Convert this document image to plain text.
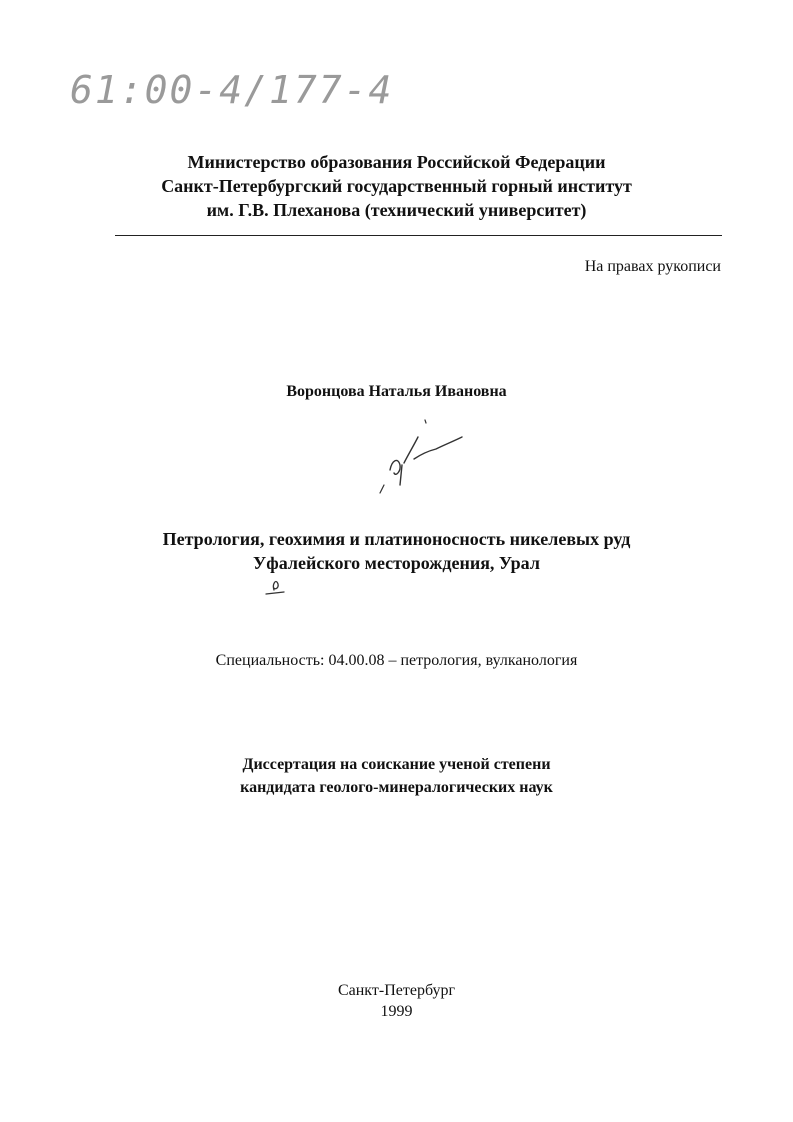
61:00-4/177-4
Министерство образования Российской Федерации
Санкт-Петербургский государственный горный институт
им. Г.В. Плеханова (технический университет)
На правах рукописи
Воронцова Наталья Ивановна
Петрология, геохимия и платиноносность никелевых руд
Уфалейского месторождения, Урал
Специальность: 04.00.08 – петрология, вулканология
Диссертация на соискание ученой степени
кандидата геолого-минералогических наук
Санкт-Петербург
1999
